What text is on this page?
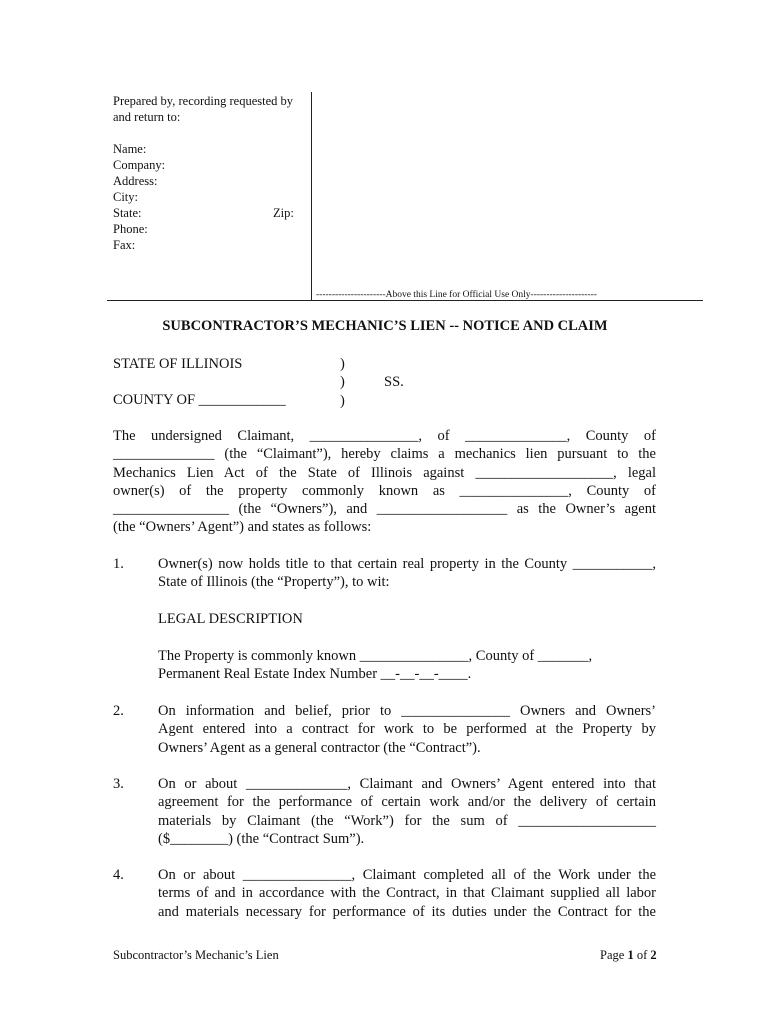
Prepared by, recording requested by
and return to:
Name:
Company:
Address:
City:
State:	Zip:
Phone:
Fax:
----------------------Above this Line for Official Use Only---------------------
SUBCONTRACTOR’S MECHANIC’S LIEN -- NOTICE AND CLAIM
STATE OF ILLINOIS
COUNTY OF ____________
)
)
)
SS.
The undersigned Claimant, _______________, of ______________, County of
______________ (the “Claimant”), hereby claims a mechanics lien pursuant to the
Mechanics Lien Act of the State of Illinois against ___________________, legal
owner(s) of the property commonly known as _______________, County of
________________ (the “Owners”), and __________________ as the Owner’s agent
(the “Owners’ Agent”) and states as follows:
1. Owner(s) now holds title to that certain real property in the County ___________,
State of Illinois (the “Property”), to wit:
LEGAL DESCRIPTION
The Property is commonly known _______________, County of _______,
Permanent Real Estate Index Number __-__-__-____.
2. On information and belief, prior to _______________ Owners and Owners’
Agent entered into a contract for work to be performed at the Property by
Owners’ Agent as a general contractor (the “Contract”).
3. On or about ______________, Claimant and Owners’ Agent entered into that
agreement for the performance of certain work and/or the delivery of certain
materials by Claimant (the “Work”) for the sum of ___________________
($________) (the “Contract Sum”).
4. On or about _______________, Claimant completed all of the Work under the
terms of and in accordance with the Contract, in that Claimant supplied all labor
and materials necessary for performance of its duties under the Contract for the
Subcontractor’s Mechanic’s Lien	Page 1 of 2
